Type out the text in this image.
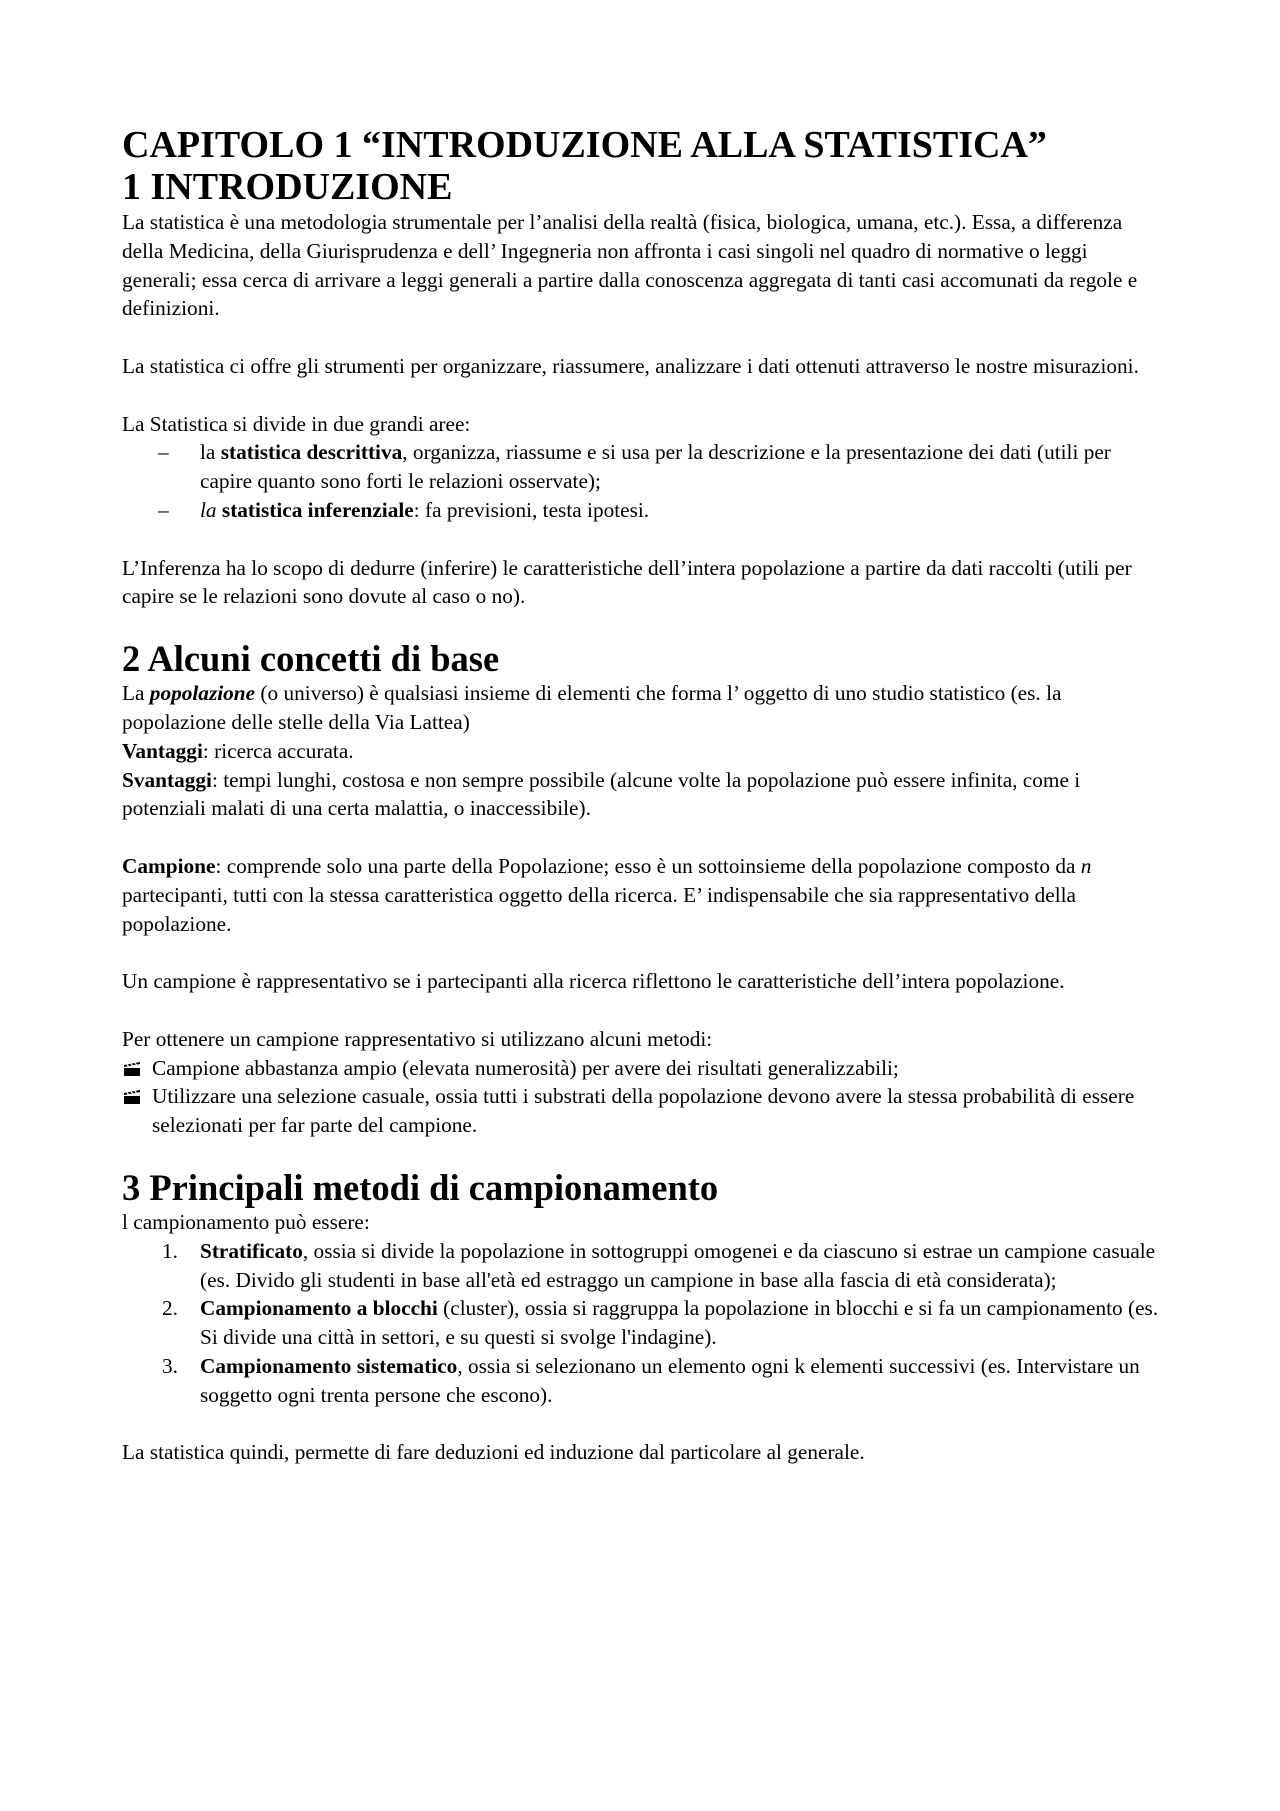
CAPITOLO 1 “INTRODUZIONE ALLA STATISTICA”
1 INTRODUZIONE

La statistica è una metodologia strumentale per l’analisi della realtà (fisica, biologica, umana, etc.). Essa, a differenza della Medicina, della Giurisprudenza e dell’ Ingegneria non affronta i casi singoli nel quadro di normative o leggi generali; essa cerca di arrivare a leggi generali a partire dalla conoscenza aggregata di tanti casi accomunati da regole e definizioni.

La statistica ci offre gli strumenti per organizzare, riassumere, analizzare i dati ottenuti attraverso le nostre misurazioni.

La Statistica si divide in due grandi aree:

– la statistica descrittiva, organizza, riassume e si usa per la descrizione e la presentazione dei dati (utili per capire quanto sono forti le relazioni osservate);
– la statistica inferenziale: fa previsioni, testa ipotesi.

L’Inferenza ha lo scopo di dedurre (inferire) le caratteristiche dell’intera popolazione a partire da dati raccolti (utili per capire se le relazioni sono dovute al caso o no).

2 Alcuni concetti di base

La popolazione (o universo) è qualsiasi insieme di elementi che forma l’ oggetto di uno studio statistico (es. la popolazione delle stelle della Via Lattea)

Vantaggi: ricerca accurata.

Svantaggi: tempi lunghi, costosa e non sempre possibile (alcune volte la popolazione può essere infinita, come i potenziali malati di una certa malattia, o inaccessibile).

Campione: comprende solo una parte della Popolazione; esso è un sottoinsieme della popolazione composto da n partecipanti, tutti con la stessa caratteristica oggetto della ricerca. E’ indispensabile che sia rappresentativo della popolazione.

Un campione è rappresentativo se i partecipanti alla ricerca riflettono le caratteristiche dell’intera popolazione.

Per ottenere un campione rappresentativo si utilizzano alcuni metodi:

Campione abbastanza ampio (elevata numerosità) per avere dei risultati generalizzabili;
Utilizzare una selezione casuale, ossia tutti i substrati della popolazione devono avere la stessa probabilità di essere selezionati per far parte del campione.
3 Principali metodi di campionamento

l campionamento può essere:

1. Stratificato, ossia si divide la popolazione in sottogruppi omogenei e da ciascuno si estrae un campione casuale (es. Divido gli studenti in base all'età ed estraggo un campione in base alla fascia di età considerata);
2. Campionamento a blocchi (cluster), ossia si raggruppa la popolazione in blocchi e si fa un campionamento (es. Si divide una città in settori, e su questi si svolge l'indagine).
3. Campionamento sistematico, ossia si selezionano un elemento ogni k elementi successivi (es. Intervistare un soggetto ogni trenta persone che escono).

La statistica quindi, permette di fare deduzioni ed induzione dal particolare al generale.
